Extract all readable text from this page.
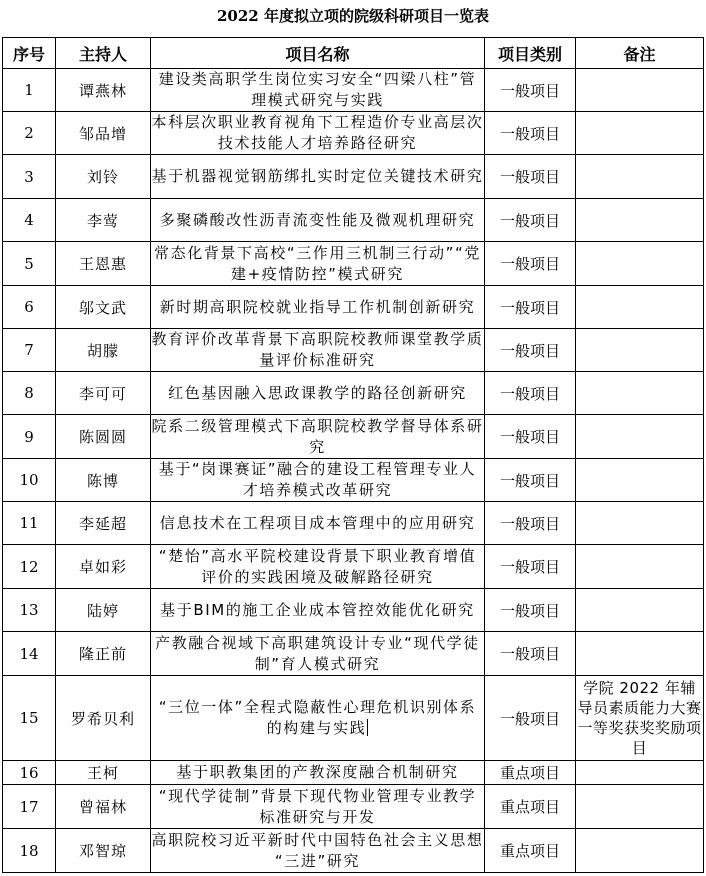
2022 年度拟立项的院级科研项目一览表
序号	主持人	项目名称	项目类别	备注
1	谭燕林	建设类高职学生岗位实习安全“四梁八柱”管理模式研究与实践	一般项目	
2	邹品增	本科层次职业教育视角下工程造价专业高层次技术技能人才培养路径研究	一般项目	
3	刘铃	基于机器视觉钢筋绑扎实时定位关键技术研究	一般项目	
4	李莺	多聚磷酸改性沥青流变性能及微观机理研究	一般项目	
5	王恩惠	常态化背景下高校“三作用三机制三行动”“党建+疫情防控”模式研究	一般项目	
6	邬文武	新时期高职院校就业指导工作机制创新研究	一般项目	
7	胡朦	教育评价改革背景下高职院校教师课堂教学质量评价标准研究	一般项目	
8	李可可	红色基因融入思政课教学的路径创新研究	一般项目	
9	陈圆圆	院系二级管理模式下高职院校教学督导体系研究	一般项目	
10	陈博	基于“岗课赛证”融合的建设工程管理专业人才培养模式改革研究	一般项目	
11	李延超	信息技术在工程项目成本管理中的应用研究	一般项目	
12	卓如彩	“楚怡”高水平院校建设背景下职业教育增值评价的实践困境及破解路径研究	一般项目	
13	陆婷	基于BIM的施工企业成本管控效能优化研究	一般项目	
14	隆正前	产教融合视域下高职建筑设计专业“现代学徒制”育人模式研究	一般项目	
15	罗希贝利	“三位一体”全程式隐蔽性心理危机识别体系的构建与实践	一般项目	学院 2022 年辅导员素质能力大赛一等奖获奖奖励项目
16	王柯	基于职教集团的产教深度融合机制研究	重点项目	
17	曾福林	“现代学徒制”背景下现代物业管理专业教学标准研究与开发	重点项目	
18	邓智琼	高职院校习近平新时代中国特色社会主义思想 “三进”研究	重点项目	
